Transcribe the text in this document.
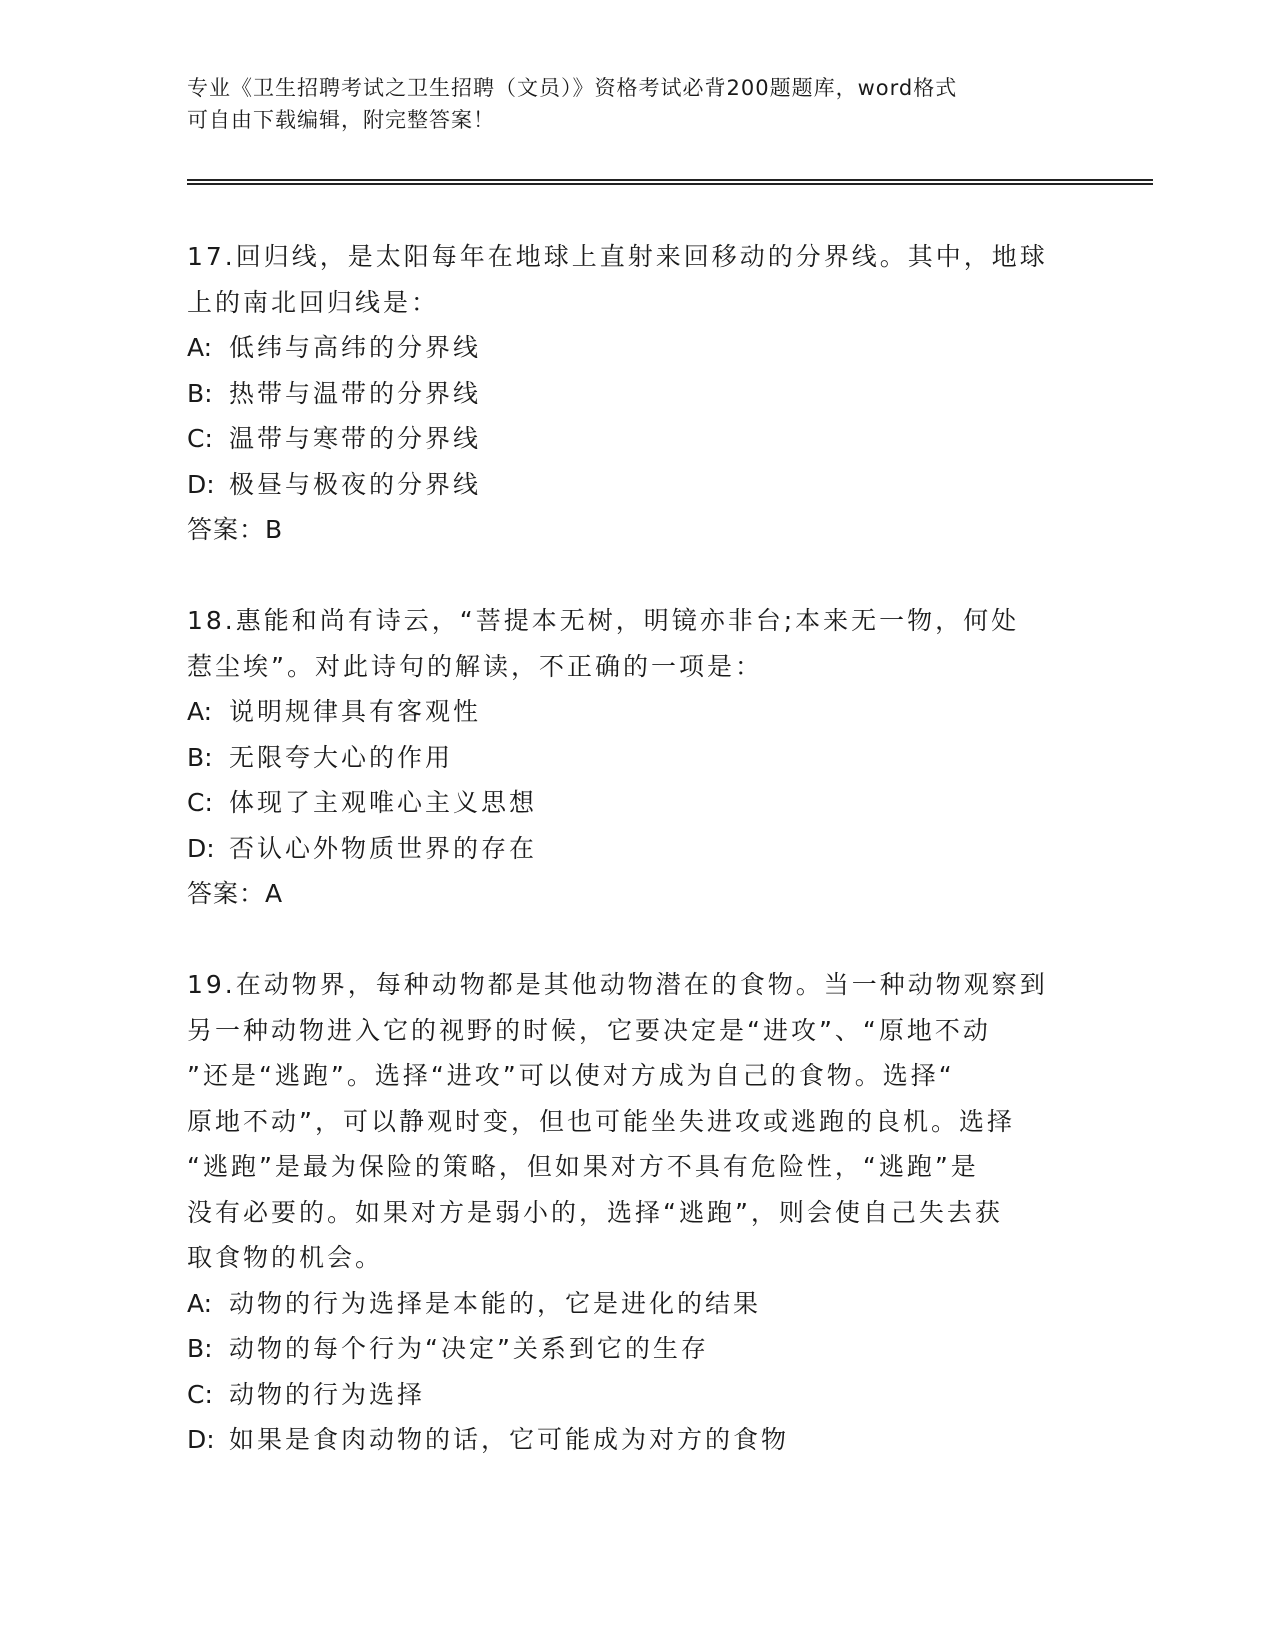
专业《卫生招聘考试之卫生招聘（文员）》资格考试必背200题题库，word格式
可自由下载编辑，附完整答案！
17.回归线，是太阳每年在地球上直射来回移动的分界线。其中，地球
上的南北回归线是：
A: 低纬与高纬的分界线
B: 热带与温带的分界线
C: 温带与寒带的分界线
D: 极昼与极夜的分界线
答案：B
18.惠能和尚有诗云，“菩提本无树，明镜亦非台;本来无一物，何处
惹尘埃”。对此诗句的解读，不正确的一项是：
A: 说明规律具有客观性
B: 无限夸大心的作用
C: 体现了主观唯心主义思想
D: 否认心外物质世界的存在
答案：A
19.在动物界，每种动物都是其他动物潜在的食物。当一种动物观察到
另一种动物进入它的视野的时候，它要决定是“进攻”、“原地不动
”还是“逃跑”。选择“进攻”可以使对方成为自己的食物。选择“
原地不动”，可以静观时变，但也可能坐失进攻或逃跑的良机。选择
“逃跑”是最为保险的策略，但如果对方不具有危险性，“逃跑”是
没有必要的。如果对方是弱小的，选择“逃跑”，则会使自己失去获
取食物的机会。
A: 动物的行为选择是本能的，它是进化的结果
B: 动物的每个行为“决定”关系到它的生存
C: 动物的行为选择
D: 如果是食肉动物的话，它可能成为对方的食物
